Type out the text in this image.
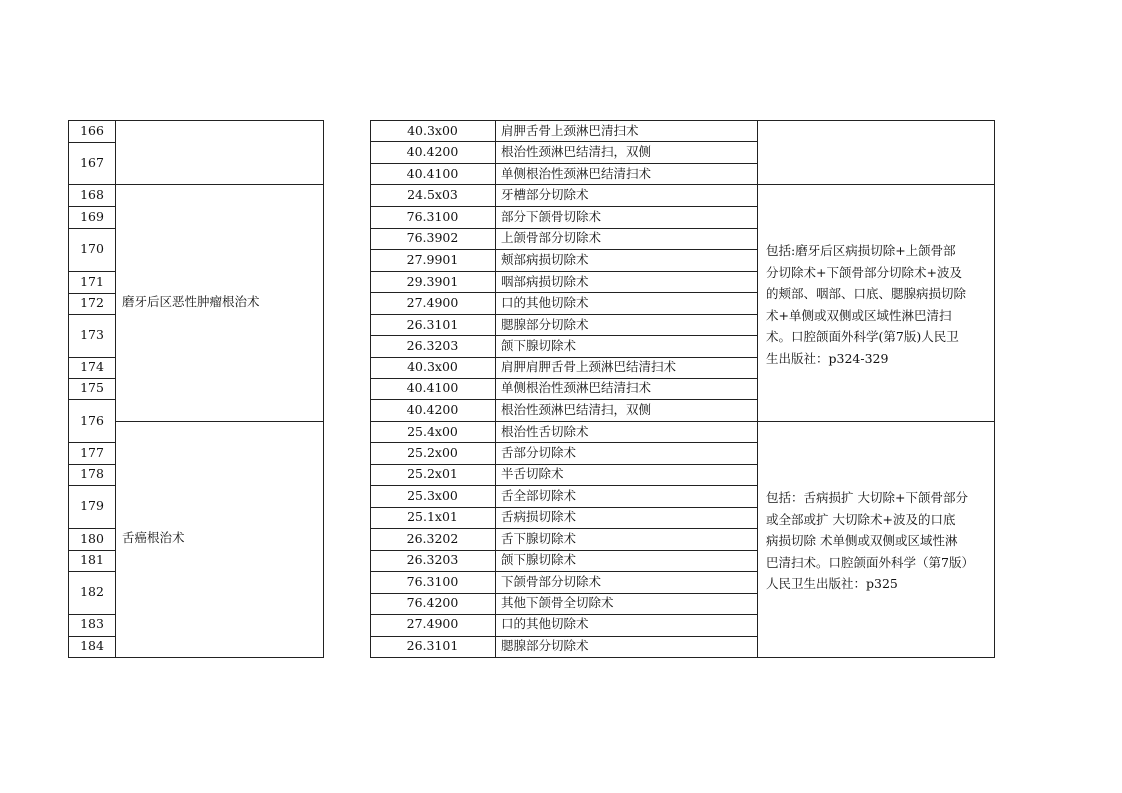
166
167
168
169
170
171
172
173
174
175
176
177
178
179
180
181
182
183
184
磨牙后区恶性肿瘤根治术
舌癌根治术
40.3x00
40.4200
40.4100
24.5x03
76.3100
76.3902
27.9901
29.3901
27.4900
26.3101
26.3203
40.3x00
40.4100
40.4200
25.4x00
25.2x00
25.2x01
25.3x00
25.1x01
26.3202
26.3203
76.3100
76.4200
27.4900
26.3101
肩胛舌骨上颈淋巴清扫术
根治性颈淋巴结清扫，双侧
单侧根治性颈淋巴结清扫术
牙槽部分切除术
部分下颌骨切除术
上颌骨部分切除术
颊部病损切除术
咽部病损切除术
口的其他切除术
腮腺部分切除术
颌下腺切除术
肩胛肩胛舌骨上颈淋巴结清扫术
单侧根治性颈淋巴结清扫术
根治性颈淋巴结清扫，双侧
根治性舌切除术
舌部分切除术
半舌切除术
舌全部切除术
舌病损切除术
舌下腺切除术
颌下腺切除术
下颌骨部分切除术
其他下颌骨全切除术
口的其他切除术
腮腺部分切除术
包括:磨牙后区病损切除+上颌骨部
分切除术+下颌骨部分切除术+波及
的颊部、咽部、口底、腮腺病损切除
术+单侧或双侧或区域性淋巴清扫
术。口腔颌面外科学(第7版)人民卫
生出版社：p324-329
包括：舌病损扩 大切除+下颌骨部分
或全部或扩 大切除术+波及的口底
病损切除 术单侧或双侧或区域性淋
巴清扫术。口腔颌面外科学（第7版）
人民卫生出版社：p325
